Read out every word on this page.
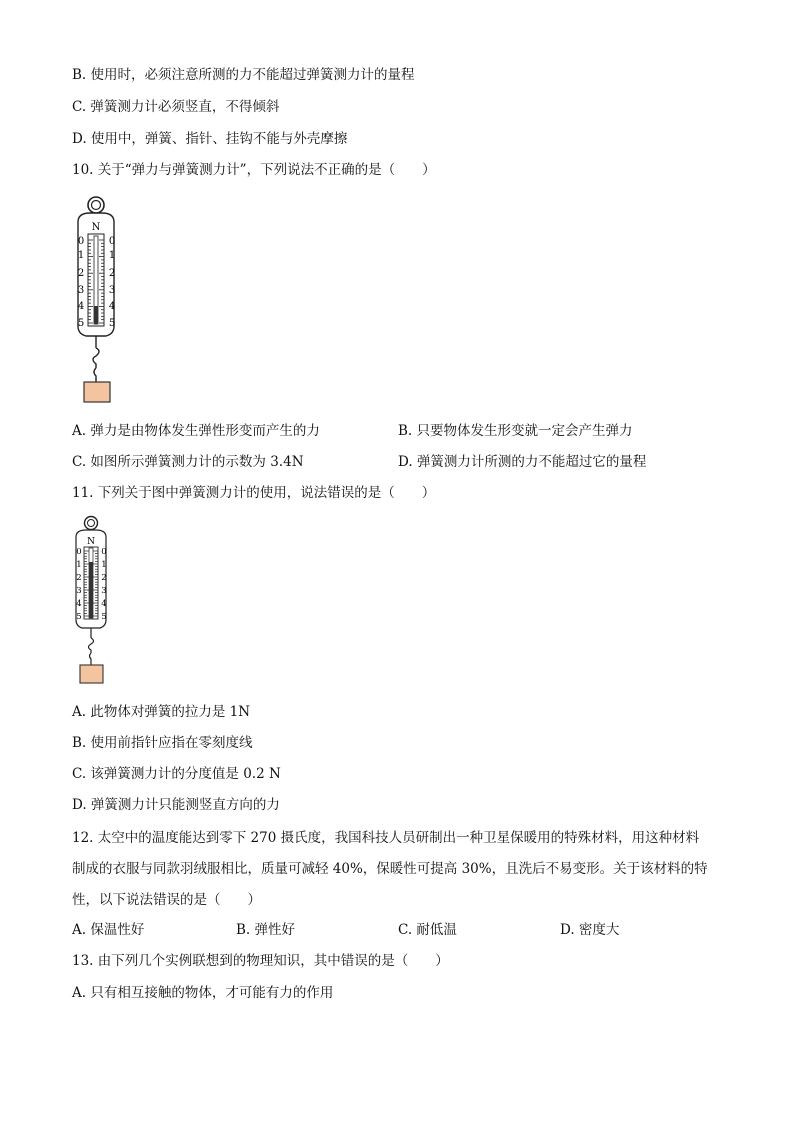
B. 使用时，必须注意所测的力不能超过弹簧测力计的量程
C. 弹簧测力计必须竖直，不得倾斜
D. 使用中，弹簧、指针、挂钩不能与外壳摩擦
10. 关于“弹力与弹簧测力计”，下列说法不正确的是（　　）
N
0
1
2
3
4
5
0
1
2
3
4
5
A. 弹力是由物体发生弹性形变而产生的力	B. 只要物体发生形变就一定会产生弹力
C. 如图所示弹簧测力计的示数为 3.4N	D. 弹簧测力计所测的力不能超过它的量程
11. 下列关于图中弹簧测力计的使用，说法错误的是（　　）
N
0
1
2
3
4
5
0
1
2
3
4
5
A. 此物体对弹簧的拉力是 1N
B. 使用前指针应指在零刻度线
C. 该弹簧测力计的分度值是 0.2 N
D. 弹簧测力计只能测竖直方向的力
12. 太空中的温度能达到零下 270 摄氏度，我国科技人员研制出一种卫星保暖用的特殊材料，用这种材料
制成的衣服与同款羽绒服相比，质量可减轻 40%，保暖性可提高 30%，且洗后不易变形。关于该材料的特
性，以下说法错误的是（　　）
A. 保温性好	B. 弹性好	C. 耐低温	D. 密度大
13. 由下列几个实例联想到的物理知识，其中错误的是（　　）
A. 只有相互接触的物体，才可能有力的作用
